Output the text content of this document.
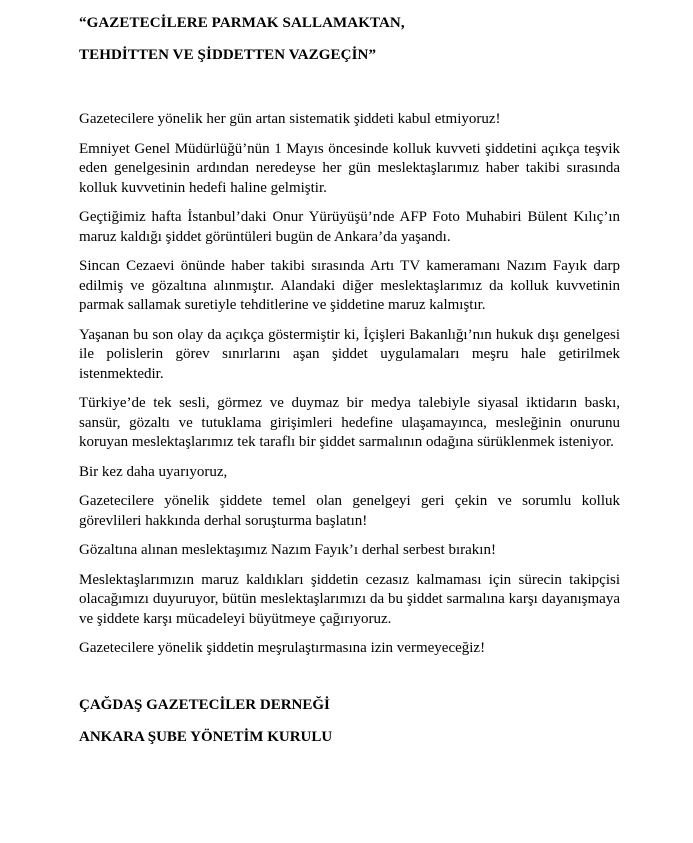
“GAZETECİLERE PARMAK SALLAMAKTAN,

TEHDİTTEN VE ŞİDDETTEN VAZGEÇİN”

Gazetecilere yönelik her gün artan sistematik şiddeti kabul etmiyoruz!

Emniyet Genel Müdürlüğü’nün 1 Mayıs öncesinde kolluk kuvveti şiddetini açıkça teşvik eden genelgesinin ardından neredeyse her gün meslektaşlarımız haber takibi sırasında kolluk kuvvetinin hedefi haline gelmiştir.

Geçtiğimiz hafta İstanbul’daki Onur Yürüyüşü’nde AFP Foto Muhabiri Bülent Kılıç’ın maruz kaldığı şiddet görüntüleri bugün de Ankara’da yaşandı.

Sincan Cezaevi önünde haber takibi sırasında Artı TV kameramanı Nazım Fayık darp edilmiş ve gözaltına alınmıştır. Alandaki diğer meslektaşlarımız da kolluk kuvvetinin parmak sallamak suretiyle tehditlerine ve şiddetine maruz kalmıştır.

Yaşanan bu son olay da açıkça göstermiştir ki, İçişleri Bakanlığı’nın hukuk dışı genelgesi ile polislerin görev sınırlarını aşan şiddet uygulamaları meşru hale getirilmek istenmektedir.

Türkiye’de tek sesli, görmez ve duymaz bir medya talebiyle siyasal iktidarın baskı, sansür, gözaltı ve tutuklama girişimleri hedefine ulaşamayınca, mesleğinin onurunu koruyan meslektaşlarımız tek taraflı bir şiddet sarmalının odağına sürüklenmek isteniyor.

Bir kez daha uyarıyoruz,

Gazetecilere yönelik şiddete temel olan genelgeyi geri çekin ve sorumlu kolluk görevlileri hakkında derhal soruşturma başlatın!

Gözaltına alınan meslektaşımız Nazım Fayık’ı derhal serbest bırakın!

Meslektaşlarımızın maruz kaldıkları şiddetin cezasız kalmaması için sürecin takipçisi olacağımızı duyuruyor, bütün meslektaşlarımızı da bu şiddet sarmalına karşı dayanışmaya ve şiddete karşı mücadeleyi büyütmeye çağırıyoruz.

Gazetecilere yönelik şiddetin meşrulaştırmasına izin vermeyeceğiz!

ÇAĞDAŞ GAZETECİLER DERNEĞİ

ANKARA ŞUBE YÖNETİM KURULU
